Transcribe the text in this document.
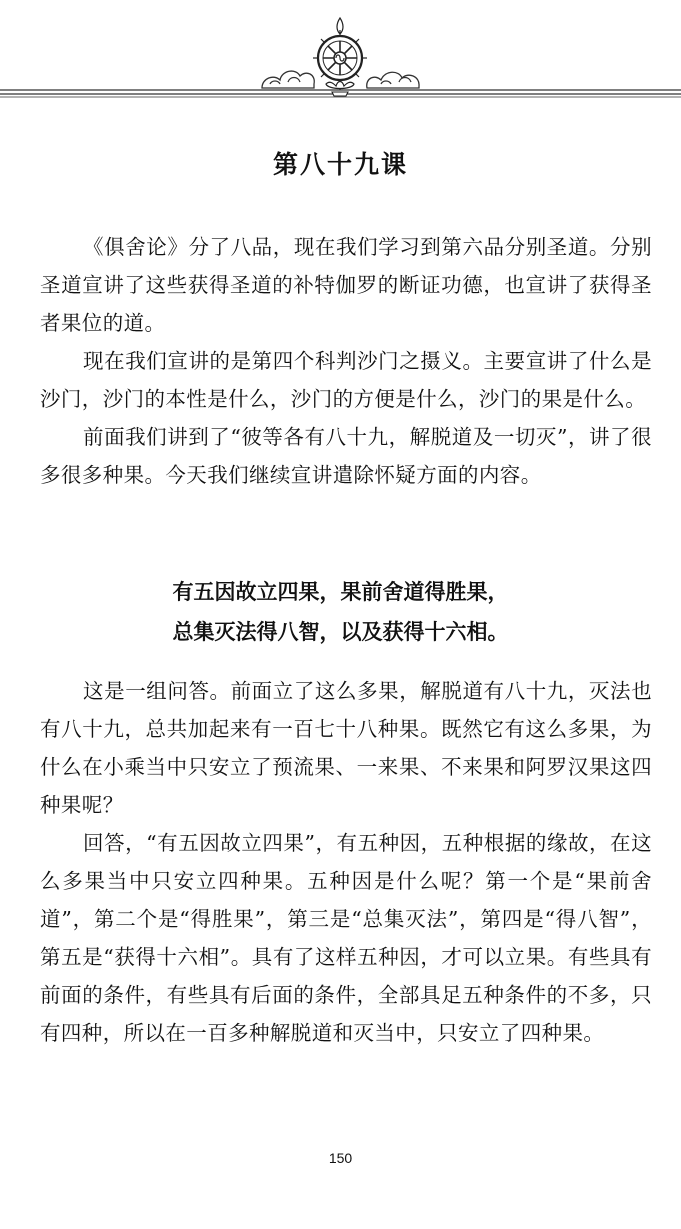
第八十九课

《俱舍论》分了八品，现在我们学习到第六品分别圣道。分别圣道宣讲了这些获得圣道的补特伽罗的断证功德，也宣讲了获得圣者果位的道。

现在我们宣讲的是第四个科判沙门之摄义。主要宣讲了什么是沙门，沙门的本性是什么，沙门的方便是什么，沙门的果是什么。

前面我们讲到了“彼等各有八十九，解脱道及一切灭”，讲了很多很多种果。今天我们继续宣讲遣除怀疑方面的内容。

有五因故立四果，果前舍道得胜果，
总集灭法得八智，以及获得十六相。

这是一组问答。前面立了这么多果，解脱道有八十九，灭法也有八十九，总共加起来有一百七十八种果。既然它有这么多果，为什么在小乘当中只安立了预流果、一来果、不来果和阿罗汉果这四种果呢？

回答，“有五因故立四果”，有五种因，五种根据的缘故，在这么多果当中只安立四种果。五种因是什么呢？第一个是“果前舍道”，第二个是“得胜果”，第三是“总集灭法”，第四是“得八智”，第五是“获得十六相”。具有了这样五种因，才可以立果。有些具有前面的条件，有些具有后面的条件，全部具足五种条件的不多，只有四种，所以在一百多种解脱道和灭当中，只安立了四种果。

150
